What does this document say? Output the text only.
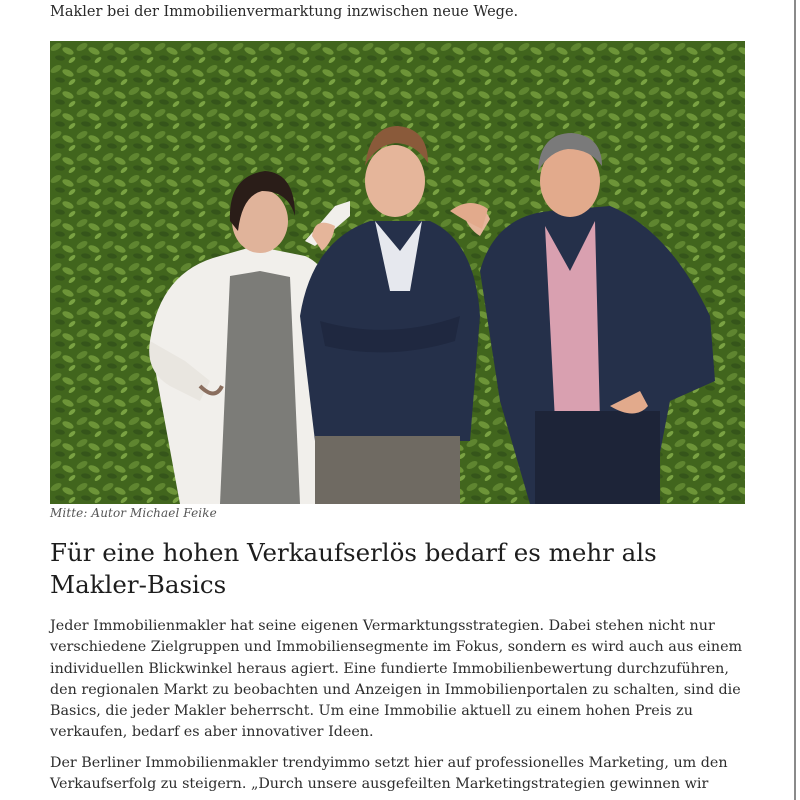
Makler bei der Immobilienvermarktung inzwischen neue Wege.
Mitte: Autor Michael Feike
Für eine hohen Verkaufserlös bedarf es mehr als
Makler-Basics

Jeder Immobilienmakler hat seine eigenen Vermarktungsstrategien. Dabei stehen nicht nur
verschiedene Zielgruppen und Immobiliensegmente im Fokus, sondern es wird auch aus einem
individuellen Blickwinkel heraus agiert. Eine fundierte Immobilienbewertung durchzuführen,
den regionalen Markt zu beobachten und Anzeigen in Immobilienportalen zu schalten, sind die
Basics, die jeder Makler beherrscht. Um eine Immobilie aktuell zu einem hohen Preis zu
verkaufen, bedarf es aber innovativer Ideen.

Der Berliner Immobilienmakler trendyimmo setzt hier auf professionelles Marketing, um den
Verkaufserfolg zu steigern. „Durch unsere ausgefeilten Marketingstrategien gewinnen wir
